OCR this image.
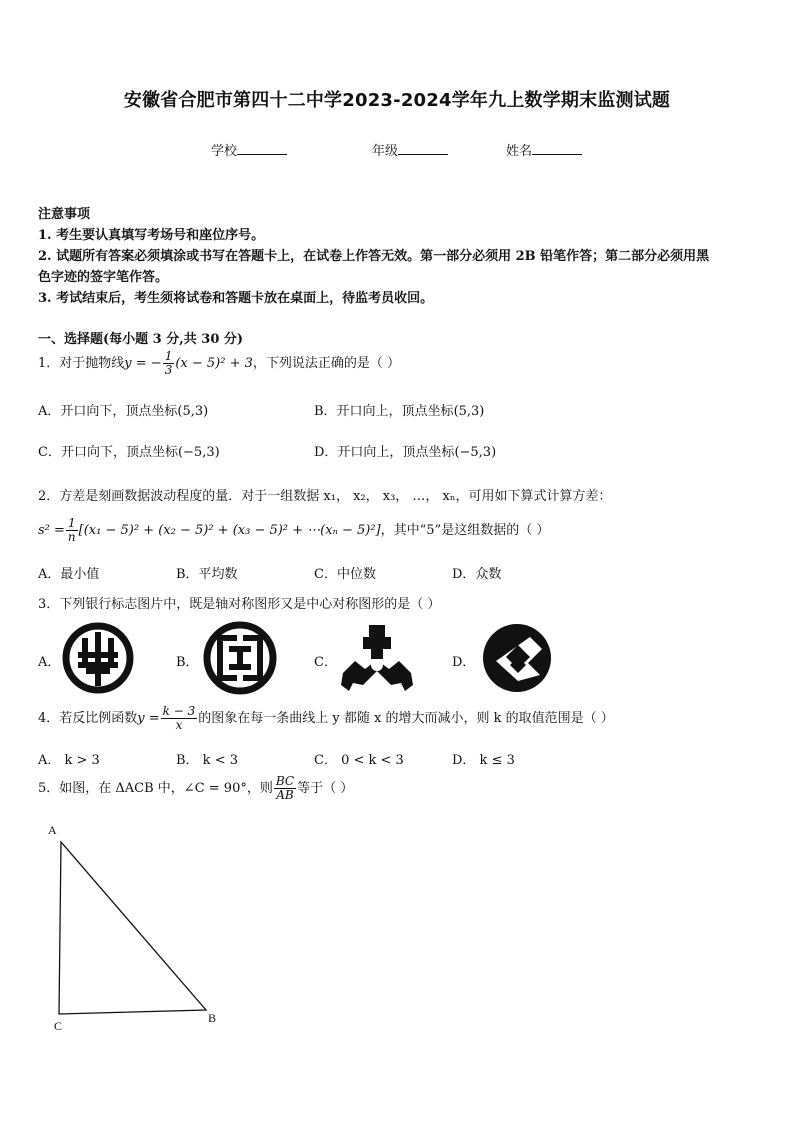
安徽省合肥市第四十二中学2023-2024学年九上数学期末监测试题
学校	年级	姓名
注意事项
1. 考生要认真填写考场号和座位序号。
2. 试题所有答案必须填涂或书写在答题卡上，在试卷上作答无效。第一部分必须用 2B 铅笔作答；第二部分必须用黑
色字迹的签字笔作答。
3. 考试结束后，考生须将试卷和答题卡放在桌面上，待监考员收回。
一、选择题(每小题 3 分,共 30 分)
1．对于抛物线y = − $\frac{1}{3} (x - 5)^2 + 3$，下列说法正确的是（ ）
A．开口向下，顶点坐标(5,3)	B．开口向上，顶点坐标(5,3)
C．开口向下，顶点坐标(−5,3)	D．开口向上，顶点坐标(−5,3)
2．方差是刻画数据波动程度的量．对于一组数据 x₁， x₂， x₃， …， xₙ，可用如下算式计算方差：
$s^2 = \frac{1}{n} [(x_1 - 5)^2 + (x_2 - 5)^2 + (x_3 - 5)^2$ + ⋯(xₙ − 5)²]，其中“5”是这组数据的（ ）
A．最小值	B．平均数	C．中位数	D．众数
3．下列银行标志图片中，既是轴对称图形又是中心对称图形的是（ ）
A．	B．	C．	D．
4．若反比例函数$y = \frac{k - 3}{x}$ 的图象在每一条曲线上 y 都随 x 的增大而减小，则 k 的取值范围是（ ）
A． k > 3	B． k < 3	C． 0 < k < 3	D． k ≤ 3
5．如图，在 ΔACB 中，∠C = 90°，则 $\frac{BC}{AB}$ 等于（ ）
A
C
B
